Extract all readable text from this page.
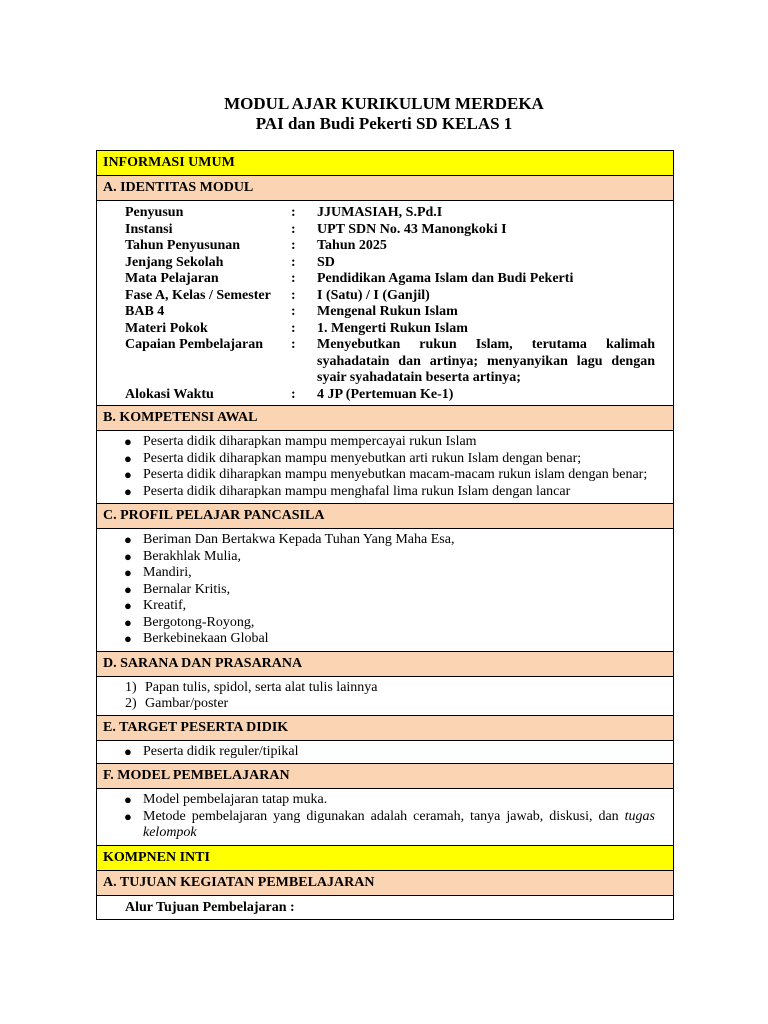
MODUL AJAR KURIKULUM MERDEKA
PAI dan Budi Pekerti SD KELAS 1
INFORMASI UMUM
A. IDENTITAS MODUL

Penyusun	:	JJUMASIAH, S.Pd.I
Instansi	:	UPT SDN No. 43 Manongkoki I
Tahun Penyusunan	:	Tahun 2025
Jenjang Sekolah	:	SD
Mata Pelajaran	:	Pendidikan Agama Islam dan Budi Pekerti
Fase A, Kelas / Semester	:	I (Satu) / I (Ganjil)
BAB 4	:	Mengenal Rukun Islam
Materi Pokok	:	1. Mengerti Rukun Islam
Capaian Pembelajaran	:	Menyebutkan rukun Islam, terutama kalimah syahadatain dan artinya; menyanyikan lagu dengan syair syahadatain beserta artinya;
Alokasi Waktu	:	4 JP (Pertemuan Ke-1)

B. KOMPETENSI AWAL

● Peserta didik diharapkan mampu mempercayai rukun Islam
● Peserta didik diharapkan mampu menyebutkan arti rukun Islam dengan benar;
● Peserta didik diharapkan mampu menyebutkan macam-macam rukun islam dengan benar;
● Peserta didik diharapkan mampu menghafal lima rukun Islam dengan lancar

C. PROFIL PELAJAR PANCASILA

● Beriman Dan Bertakwa Kepada Tuhan Yang Maha Esa,
● Berakhlak Mulia,
● Mandiri,
● Bernalar Kritis,
● Kreatif,
● Bergotong-Royong,
● Berkebinekaan Global

D. SARANA DAN PRASARANA

1) Papan tulis, spidol, serta alat tulis lainnya
2) Gambar/poster

E. TARGET PESERTA DIDIK

● Peserta didik reguler/tipikal

F. MODEL PEMBELAJARAN

● Model pembelajaran tatap muka.
● Metode pembelajaran yang digunakan adalah ceramah, tanya jawab, diskusi, dan tugas kelompok

KOMPNEN INTI
A. TUJUAN KEGIATAN PEMBELAJARAN
Alur Tujuan Pembelajaran :
